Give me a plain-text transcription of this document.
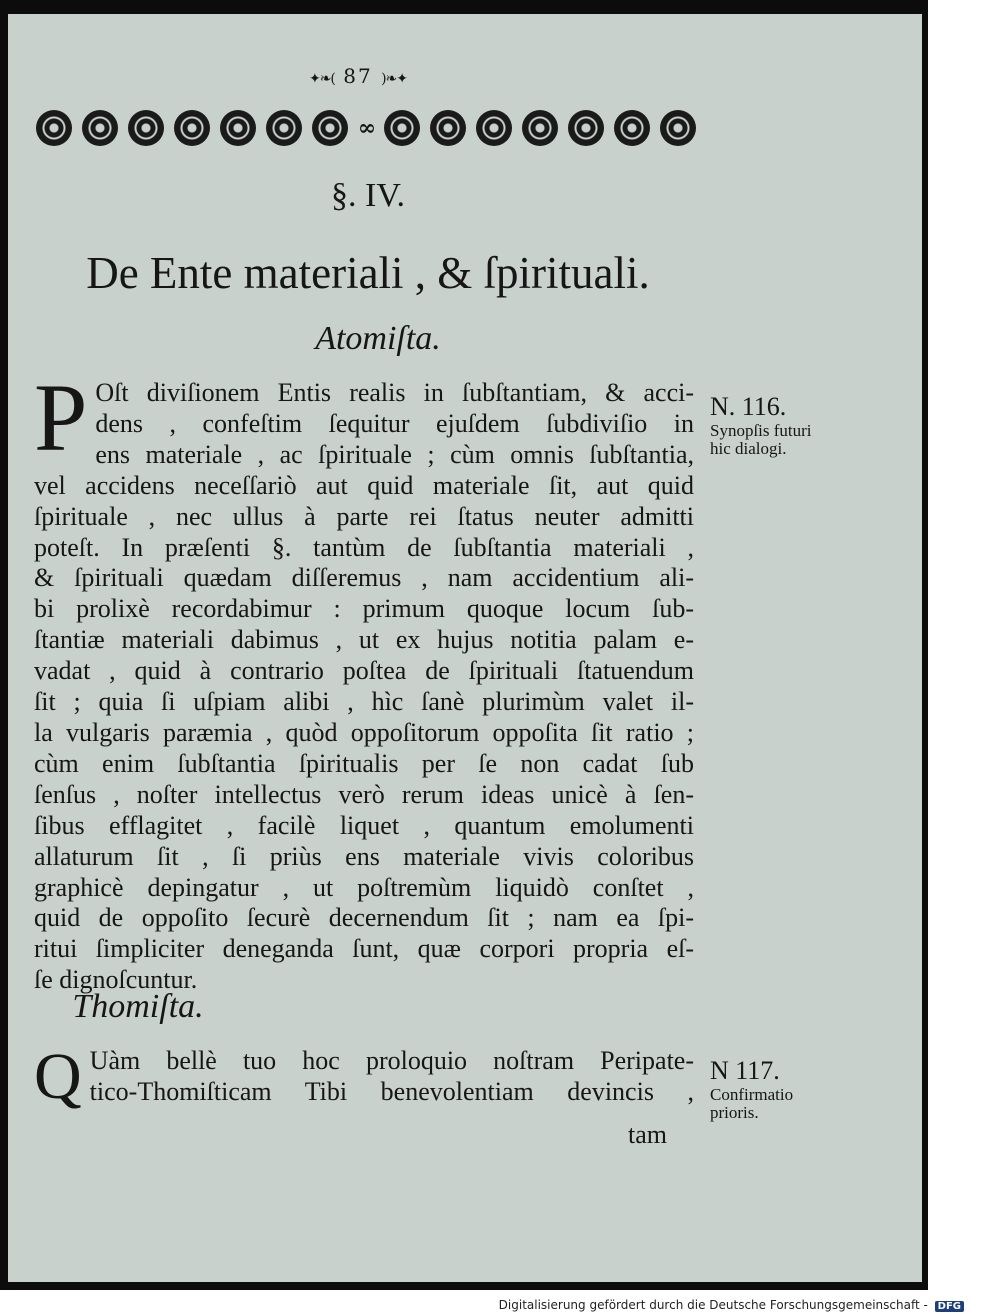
✦❧( 87 )❧✦
∞
§. IV.
De Ente materiali , & ſpirituali.
Atomiſta.
P Oſt diviſionem Entis realis in ſubſtantiam, & acci-
dens , confeſtim ſequitur ejuſdem ſubdiviſio in
ens materiale , ac ſpirituale ; cùm omnis ſubſtantia,
vel accidens neceſſariò aut quid materiale ſit, aut quid
ſpirituale , nec ullus à parte rei ſtatus neuter admitti
poteſt. In præſenti §. tantùm de ſubſtantia materiali ,
& ſpirituali quædam diſſeremus , nam accidentium ali-
bi prolixè recordabimur : primum quoque locum ſub-
ſtantiæ materiali dabimus , ut ex hujus notitia palam e-
vadat , quid à contrario poſtea de ſpirituali ſtatuendum
ſit ; quia ſi uſpiam alibi , hìc ſanè plurimùm valet il-
la vulgaris paræmia , quòd oppoſitorum oppoſita ſit ratio ;
cùm enim ſubſtantia ſpiritualis per ſe non cadat ſub
ſenſus , noſter intellectus verò rerum ideas unicè à ſen-
ſibus efflagitet , facilè liquet , quantum emolumenti
allaturum ſit , ſi priùs ens materiale vivis coloribus
graphicè depingatur , ut poſtremùm liquidò conſtet ,
quid de oppoſito ſecurè decernendum ſit ; nam ea ſpi-
ritui ſimpliciter deneganda ſunt, quæ corpori propria eſ-
ſe dignoſcuntur.
N. 116.
Synopſis futuri hic dialogi.
Thomiſta.
Q Uàm bellè tuo hoc proloquio noſtram Peripate-
tico-Thomiſticam Tibi benevolentiam devincis ,
N 117.
Confirmatio prioris.
tam
Digitalisierung gefördert durch die Deutsche Forschungsgemeinschaft - DFG
